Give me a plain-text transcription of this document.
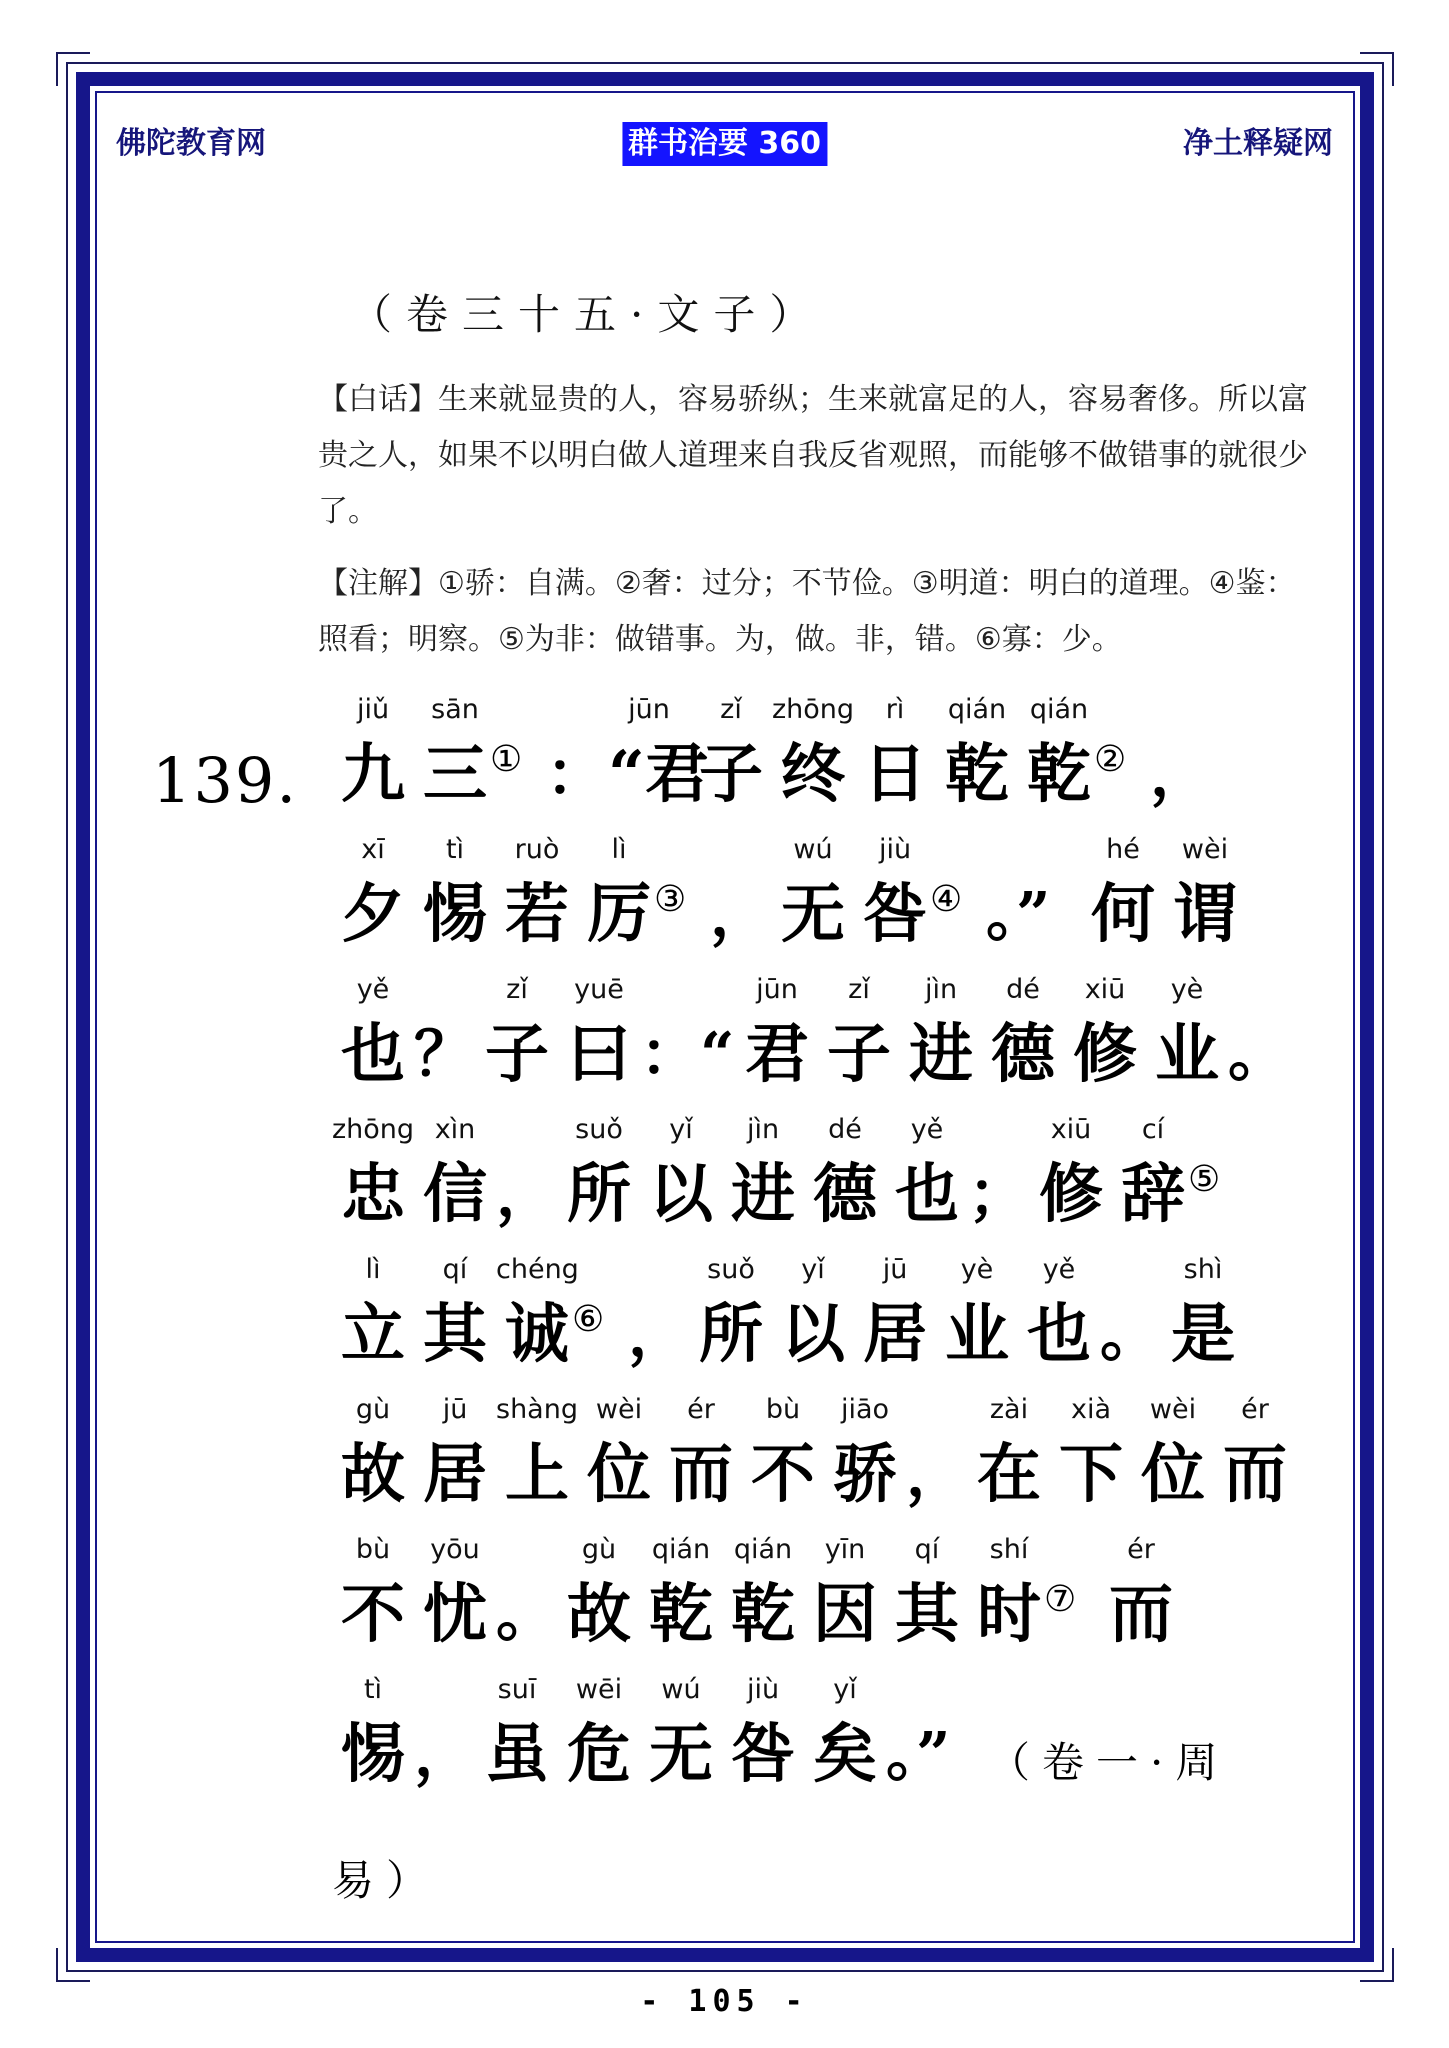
佛陀教育网	群书治要 360	净土释疑网
（卷三十五·文子）

【白话】生来就显贵的人，容易骄纵；生来就富足的人，容易奢侈。所以富贵之人，如果不以明白做人道理来自我反省观照，而能够不做错事的就很少了。

【注解】①骄：自满。②奢：过分；不节俭。③明道：明白的道理。④鉴：照看；明察。⑤为非：做错事。为，做。非，错。⑥寡：少。

139.
jiǔ
九
sān
三 ① ：
jūn
“君
zǐ
子
zhōng
终
rì
日
qián
乾
qián
乾 ② ，
xī
夕
tì
惕
ruò
若
lì
厉 ③ ，
wú
无
jiù
咎 ④ 。”
hé
何
wèi
谓
yě
也 ？
zǐ
子
yuē
曰 ：“
jūn
君
zǐ
子
jìn
进
dé
德
xiū
修
yè
业 。
zhōng
忠
xìn
信 ，
suǒ
所
yǐ
以
jìn
进
dé
德
yě
也 ；
xiū
修
cí
辞 ⑤
lì
立
qí
其
chéng
诚 ⑥ ，
suǒ
所
yǐ
以
jū
居
yè
业
yě
也 。
shì
是
gù
故
jū
居
shàng
上
wèi
位
ér
而
bù
不
jiāo
骄 ，
zài
在
xià
下
wèi
位
ér
而
bù
不
yōu
忧 。
gù
故
qián
乾
qián
乾
yīn
因
qí
其
shí
时 ⑦
ér
而
tì
惕 ，
suī
虽
wēi
危
wú
无
jiù
咎
yǐ
矣 。” （卷一·周
易）
- 105 -
